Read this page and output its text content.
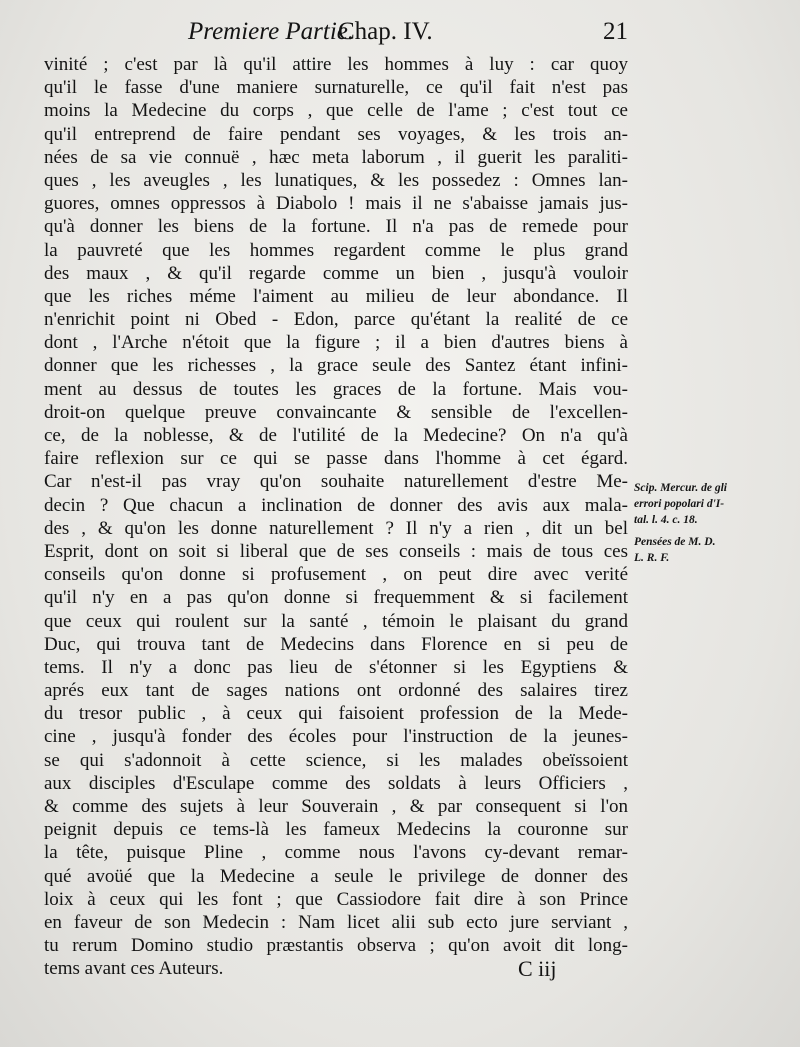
Premiere Partie.
Chap. IV.	21
vinité ; c'est par là qu'il attire les hommes à luy : car quoy
qu'il le fasse d'une maniere surnaturelle, ce qu'il fait n'est pas
moins la Medecine du corps , que celle de l'ame ; c'est tout ce
qu'il entreprend de faire pendant ses voyages, & les trois an-
nées de sa vie connuë , hæc meta laborum , il guerit les paraliti-
ques , les aveugles , les lunatiques, & les possedez : Omnes lan-
guores, omnes oppressos à Diabolo ! mais il ne s'abaisse jamais jus-
qu'à donner les biens de la fortune. Il n'a pas de remede pour
la pauvreté que les hommes regardent comme le plus grand
des maux , & qu'il regarde comme un bien , jusqu'à vouloir
que les riches méme l'aiment au milieu de leur abondance. Il
n'enrichit point ni Obed - Edon, parce qu'étant la realité de ce
dont , l'Arche n'étoit que la figure ; il a bien d'autres biens à
donner que les richesses , la grace seule des Santez étant infini-
ment au dessus de toutes les graces de la fortune. Mais vou-
droit-on quelque preuve convaincante & sensible de l'excellen-
ce, de la noblesse, & de l'utilité de la Medecine? On n'a qu'à
faire reflexion sur ce qui se passe dans l'homme à cet égard.
Car n'est-il pas vray qu'on souhaite naturellement d'estre Me-
decin ? Que chacun a inclination de donner des avis aux mala-
des , & qu'on les donne naturellement ? Il n'y a rien , dit un bel
Esprit, dont on soit si liberal que de ses conseils : mais de tous ces
conseils qu'on donne si profusement , on peut dire avec verité
qu'il n'y en a pas qu'on donne si frequemment & si facilement
que ceux qui roulent sur la santé , témoin le plaisant du grand
Duc, qui trouva tant de Medecins dans Florence en si peu de
tems. Il n'y a donc pas lieu de s'étonner si les Egyptiens &
aprés eux tant de sages nations ont ordonné des salaires tirez
du tresor public , à ceux qui faisoient profession de la Mede-
cine , jusqu'à fonder des écoles pour l'instruction de la jeunes-
se qui s'adonnoit à cette science, si les malades obeïssoient
aux disciples d'Esculape comme des soldats à leurs Officiers ,
& comme des sujets à leur Souverain , & par consequent si l'on
peignit depuis ce tems-là les fameux Medecins la couronne sur
la tête, puisque Pline , comme nous l'avons cy-devant remar-
qué avoüé que la Medecine a seule le privilege de donner des
loix à ceux qui les font ; que Cassiodore fait dire à son Prince
en faveur de son Medecin : Nam licet alii sub ecto jure serviant ,
tu rerum Domino studio præstantis observa ; qu'on avoit dit long-
tems avant ces Auteurs.
Scip. Mercur. de gli
errori popolari d'I-
tal. l. 4. c. 18.
Pensées de M. D.
L. R. F.
C iij
